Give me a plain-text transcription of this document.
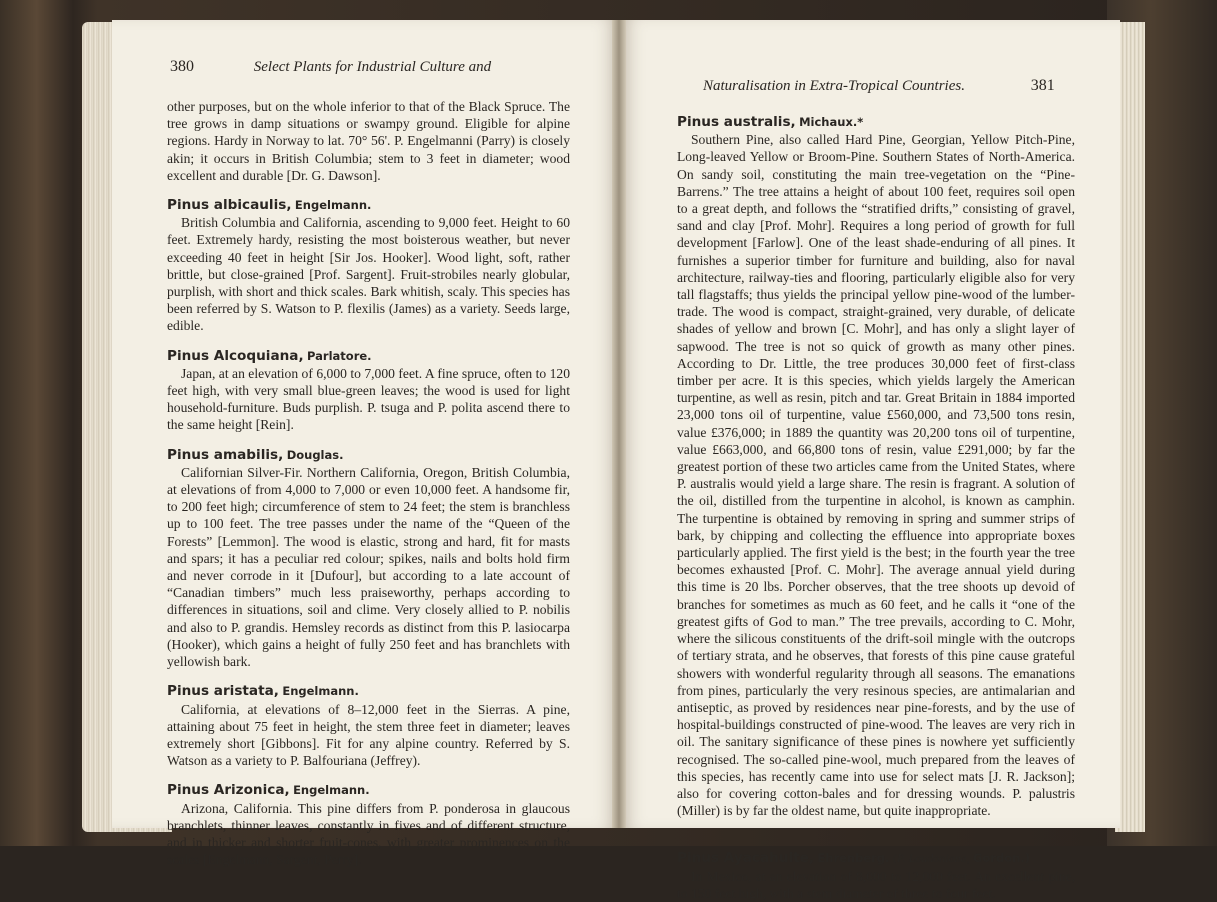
380	Select Plants for Industrial Culture and

other purposes, but on the whole inferior to that of the Black Spruce. The tree grows in damp situations or swampy ground. Eligible for alpine regions. Hardy in Norway to lat. 70° 56'. P. Engelmanni (Parry) is closely akin; it occurs in British Columbia; stem to 3 feet in diameter; wood excellent and durable [Dr. G. Dawson].

Pinus albicaulis, Engelmann.

British Columbia and California, ascending to 9,000 feet. Height to 60 feet. Extremely hardy, resisting the most boisterous weather, but never exceeding 40 feet in height [Sir Jos. Hooker]. Wood light, soft, rather brittle, but close-grained [Prof. Sargent]. Fruit-strobiles nearly globular, purplish, with short and thick scales. Bark whitish, scaly. This species has been referred by S. Watson to P. flexilis (James) as a variety. Seeds large, edible.

Pinus Alcoquiana, Parlatore.

Japan, at an elevation of 6,000 to 7,000 feet. A fine spruce, often to 120 feet high, with very small blue-green leaves; the wood is used for light household-furniture. Buds purplish. P. tsuga and P. polita ascend there to the same height [Rein].

Pinus amabilis, Douglas.

Californian Silver-Fir. Northern California, Oregon, British Columbia, at elevations of from 4,000 to 7,000 or even 10,000 feet. A handsome fir, to 200 feet high; circumference of stem to 24 feet; the stem is branchless up to 100 feet. The tree passes under the name of the “Queen of the Forests” [Lemmon]. The wood is elastic, strong and hard, fit for masts and spars; it has a peculiar red colour; spikes, nails and bolts hold firm and never corrode in it [Dufour], but according to a late account of “Canadian timbers” much less praiseworthy, perhaps according to differences in situations, soil and clime. Very closely allied to P. nobilis and also to P. grandis. Hemsley records as distinct from this P. lasiocarpa (Hooker), which gains a height of fully 250 feet and has branchlets with yellowish bark.

Pinus aristata, Engelmann.

California, at elevations of 8–12,000 feet in the Sierras. A pine, attaining about 75 feet in height, the stem three feet in diameter; leaves extremely short [Gibbons]. Fit for any alpine country. Referred by S. Watson as a variety to P. Balfouriana (Jeffrey).

Pinus Arizonica, Engelmann.

Arizona, California. This pine differs from P. ponderosa in glaucous branchlets, thinner leaves, constantly in fives and of different structure, and in thicker and shorter fruit-cones, with greater prominences on the scales [Engelmann, Sargent, Perry].

Naturalisation in Extra-Tropical Countries.	381

Pinus australis, Michaux.*

Southern Pine, also called Hard Pine, Georgian, Yellow Pitch-Pine, Long-leaved Yellow or Broom-Pine. Southern States of North-America. On sandy soil, constituting the main tree-vegetation on the “Pine-Barrens.” The tree attains a height of about 100 feet, requires soil open to a great depth, and follows the “stratified drifts,” consisting of gravel, sand and clay [Prof. Mohr]. Requires a long period of growth for full development [Farlow]. One of the least shade-enduring of all pines. It furnishes a superior timber for furniture and building, also for naval architecture, railway-ties and flooring, particularly eligible also for very tall flagstaffs; thus yields the principal yellow pine-wood of the lumber-trade. The wood is compact, straight-grained, very durable, of delicate shades of yellow and brown [C. Mohr], and has only a slight layer of sapwood. The tree is not so quick of growth as many other pines. According to Dr. Little, the tree produces 30,000 feet of first-class timber per acre. It is this species, which yields largely the American turpentine, as well as resin, pitch and tar. Great Britain in 1884 imported 23,000 tons oil of turpentine, value £560,000, and 73,500 tons resin, value £376,000; in 1889 the quantity was 20,200 tons oil of turpentine, value £663,000, and 66,800 tons of resin, value £291,000; by far the greatest portion of these two articles came from the United States, where P. australis would yield a large share. The resin is fragrant. A solution of the oil, distilled from the turpentine in alcohol, is known as camphin. The turpentine is obtained by removing in spring and summer strips of bark, by chipping and collecting the effluence into appropriate boxes particularly applied. The first yield is the best; in the fourth year the tree becomes exhausted [Prof. C. Mohr]. The average annual yield during this time is 20 lbs. Porcher observes, that the tree shoots up devoid of branches for sometimes as much as 60 feet, and he calls it “one of the greatest gifts of God to man.” The tree prevails, according to C. Mohr, where the silicous constituents of the drift-soil mingle with the outcrops of tertiary strata, and he observes, that forests of this pine cause grateful showers with wonderful regularity through all seasons. The emanations from pines, particularly the very resinous species, are antimalarian and antiseptic, as proved by residences near pine-forests, and by the use of hospital-buildings constructed of pine-wood. The leaves are very rich in oil. The sanitary significance of these pines is nowhere yet sufficiently recognised. The so-called pine-wool, much prepared from the leaves of this species, has recently came into use for select mats [J. R. Jackson]; also for covering cotton-bales and for dressing wounds. P. palustris (Miller) is by far the oldest name, but quite inappropriate.

Pinus Ayacahuite, Ehrenberg. (P. Loudoniana, Gordon.)

In Mexico, at an elevation of 8,000 to 12,000 feet. An excellent pine, to 150 feet high, with a stem diameter of three to four feet.
